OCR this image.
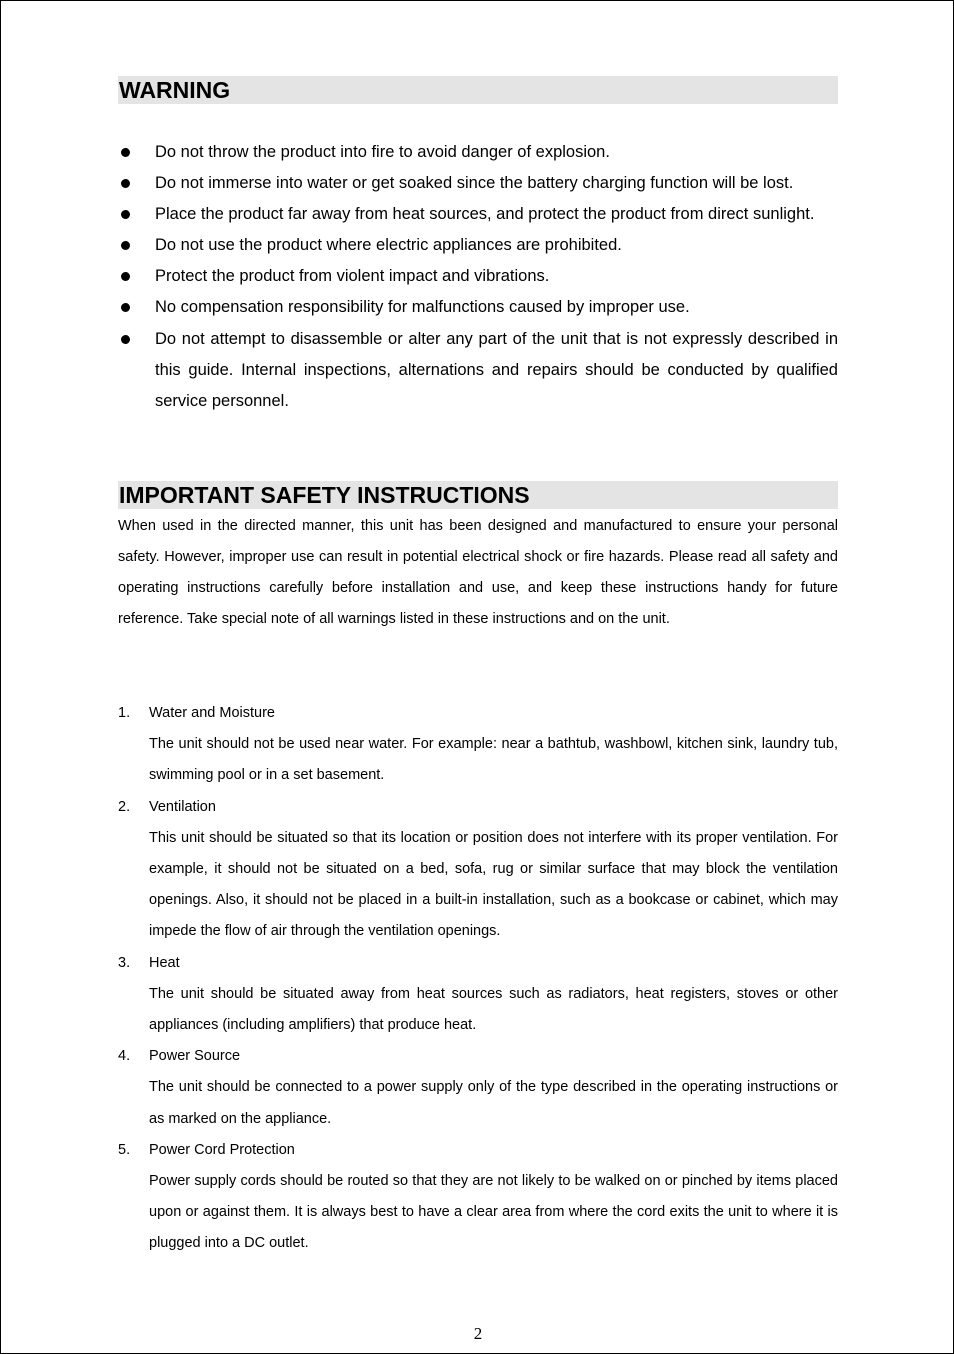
WARNING
Do not throw the product into fire to avoid danger of explosion.
Do not immerse into water or get soaked since the battery charging function will be lost.
Place the product far away from heat sources, and protect the product from direct sunlight.
Do not use the product where electric appliances are prohibited.
Protect the product from violent impact and vibrations.
No compensation responsibility for malfunctions caused by improper use.
Do not attempt to disassemble or alter any part of the unit that is not expressly described in this guide. Internal inspections, alternations and repairs should be conducted by qualified service personnel.
IMPORTANT SAFETY INSTRUCTIONS

When used in the directed manner, this unit has been designed and manufactured to ensure your personal safety. However, improper use can result in potential electrical shock or fire hazards. Please read all safety and operating instructions carefully before installation and use, and keep these instructions handy for future reference. Take special note of all warnings listed in these instructions and on the unit.

1. Water and Moisture
The unit should not be used near water. For example: near a bathtub, washbowl, kitchen sink, laundry tub, swimming pool or in a set basement.
2. Ventilation
This unit should be situated so that its location or position does not interfere with its proper ventilation. For example, it should not be situated on a bed, sofa, rug or similar surface that may block the ventilation openings. Also, it should not be placed in a built-in installation, such as a bookcase or cabinet, which may impede the flow of air through the ventilation openings.
3. Heat
The unit should be situated away from heat sources such as radiators, heat registers, stoves or other appliances (including amplifiers) that produce heat.
4. Power Source
The unit should be connected to a power supply only of the type described in the operating instructions or as marked on the appliance.
5. Power Cord Protection
Power supply cords should be routed so that they are not likely to be walked on or pinched by items placed upon or against them. It is always best to have a clear area from where the cord exits the unit to where it is plugged into a DC outlet.
2
